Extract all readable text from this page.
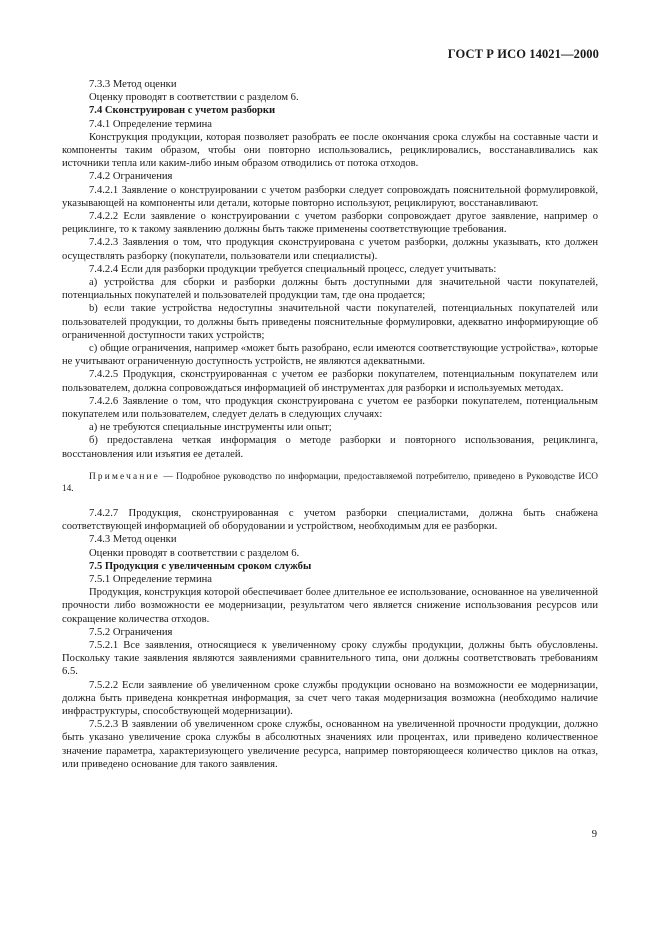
ГОСТ Р ИСО 14021—2000

7.3.3 Метод оценки

Оценку проводят в соответствии с разделом 6.

7.4 Сконструирован с учетом разборки

7.4.1 Определение термина

Конструкция продукции, которая позволяет разобрать ее после окончания срока службы на составные части и компоненты таким образом, чтобы они повторно использовались, рециклировались, восстанавливались как источники тепла или каким-либо иным образом отводились от потока отходов.

7.4.2 Ограничения

7.4.2.1 Заявление о конструировании с учетом разборки следует сопровождать пояснительной формулировкой, указывающей на компоненты или детали, которые повторно используют, рециклируют, восстанавливают.

7.4.2.2 Если заявление о конструировании с учетом разборки сопровождает другое заявление, например о рециклинге, то к такому заявлению должны быть также применены соответствующие требования.

7.4.2.3 Заявления о том, что продукция сконструирована с учетом разборки, должны указывать, кто должен осуществлять разборку (покупатели, пользователи или специалисты).

7.4.2.4 Если для разборки продукции требуется специальный процесс, следует учитывать:

а) устройства для сборки и разборки должны быть доступными для значительной части покупателей, потенциальных покупателей и пользователей продукции там, где она продается;

b) если такие устройства недоступны значительной части покупателей, потенциальных покупателей или пользователей продукции, то должны быть приведены пояснительные формулировки, адекватно информирующие об ограниченной доступности таких устройств;

с) общие ограничения, например «может быть разобрано, если имеются соответствующие устройства», которые не учитывают ограниченную доступность устройств, не являются адекватными.

7.4.2.5 Продукция, сконструированная с учетом ее разборки покупателем, потенциальным покупателем или пользователем, должна сопровождаться информацией об инструментах для разборки и используемых методах.

7.4.2.6 Заявление о том, что продукция сконструирована с учетом ее разборки покупателем, потенциальным покупателем или пользователем, следует делать в следующих случаях:

а) не требуются специальные инструменты или опыт;

б) предоставлена четкая информация о методе разборки и повторного использования, рециклинга, восстановления или изъятия ее деталей.

Примечание — Подробное руководство по информации, предоставляемой потребителю, приведено в Руководстве ИСО 14.

7.4.2.7 Продукция, сконструированная с учетом разборки специалистами, должна быть снабжена соответствующей информацией об оборудовании и устройством, необходимым для ее разборки.

7.4.3 Метод оценки

Оценки проводят в соответствии с разделом 6.

7.5 Продукция с увеличенным сроком службы

7.5.1 Определение термина

Продукция, конструкция которой обеспечивает более длительное ее использование, основанное на увеличенной прочности либо возможности ее модернизации, результатом чего является снижение использования ресурсов или сокращение количества отходов.

7.5.2 Ограничения

7.5.2.1 Все заявления, относящиеся к увеличенному сроку службы продукции, должны быть обусловлены. Поскольку такие заявления являются заявлениями сравнительного типа, они должны соответствовать требованиям 6.5.

7.5.2.2 Если заявление об увеличенном сроке службы продукции основано на возможности ее модернизации, должна быть приведена конкретная информация, за счет чего такая модернизация возможна (необходимо наличие инфраструктуры, способствующей модернизации).

7.5.2.3 В заявлении об увеличенном сроке службы, основанном на увеличенной прочности продукции, должно быть указано увеличение срока службы в абсолютных значениях или процентах, или приведено количественное значение параметра, характеризующего увеличение ресурса, например повторяющееся количество циклов на отказ, или приведено основание для такого заявления.

9
